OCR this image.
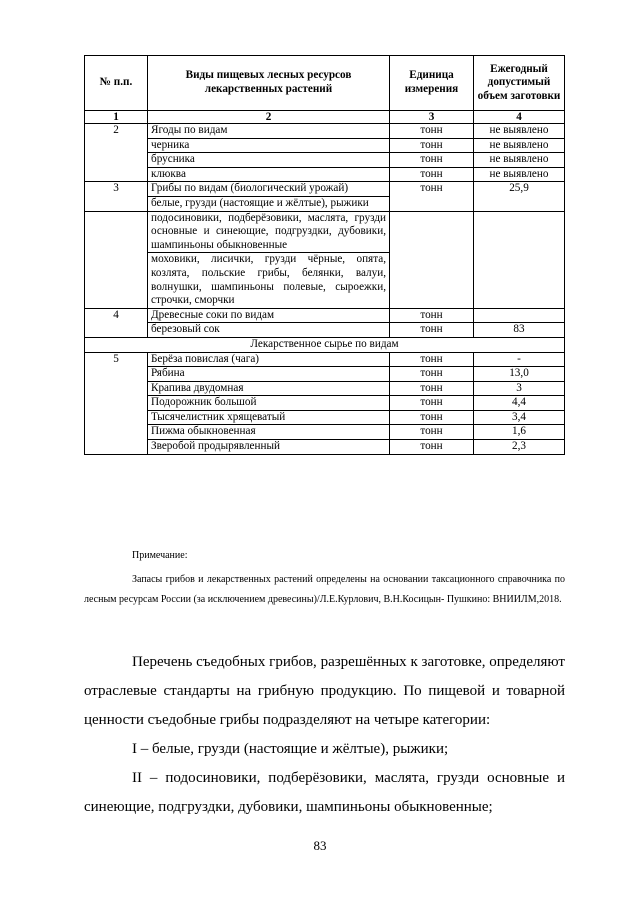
№ п.п.	Виды пищевых лесных ресурсов лекарственных растений	Единица измерения	Ежегодный допустимый объем заготовки
1	2	3	4
2	Ягоды по видам	тонн	не выявлено
	черника	тонн	не выявлено
	брусника	тонн	не выявлено
	клюква	тонн	не выявлено
3	Грибы по видам (биологический урожай)	тонн	25,9
	белые, грузди (настоящие и жёлтые), рыжики		
	подосиновики, подберёзовики, маслята, грузди основные и синеющие, подгруздки, дубовики, шампиньоны обыкновенные		
	моховики, лисички, грузди чёрные, опята, козлята, польские грибы, белянки, валуи, волнушки, шампиньоны полевые, сыроежки, строчки, сморчки		
4	Древесные соки по видам	тонн	
	березовый сок	тонн	83
Лекарственное сырье по видам			
5	Берёза повислая (чага)	тонн	-
	Рябина	тонн	13,0
	Крапива двудомная	тонн	3
	Подорожник большой	тонн	4,4
	Тысячелистник хрящеватый	тонн	3,4
	Пижма обыкновенная	тонн	1,6
	Зверобой продырявленный	тонн	2,3
Примечание:
Запасы грибов и лекарственных растений определены на основании таксационного справочника по лесным ресурсам России (за исключением древесины)/Л.Е.Курлович, В.Н.Косицын- Пушкино: ВНИИЛМ,2018.

Перечень съедобных грибов, разрешённых к заготовке, определяют отраслевые стандарты на грибную продукцию. По пищевой и товарной ценности съедобные грибы подразделяют на четыре категории:

I – белые, грузди (настоящие и жёлтые), рыжики;

II – подосиновики, подберёзовики, маслята, грузди основные и синеющие, подгруздки, дубовики, шампиньоны обыкновенные;

83
